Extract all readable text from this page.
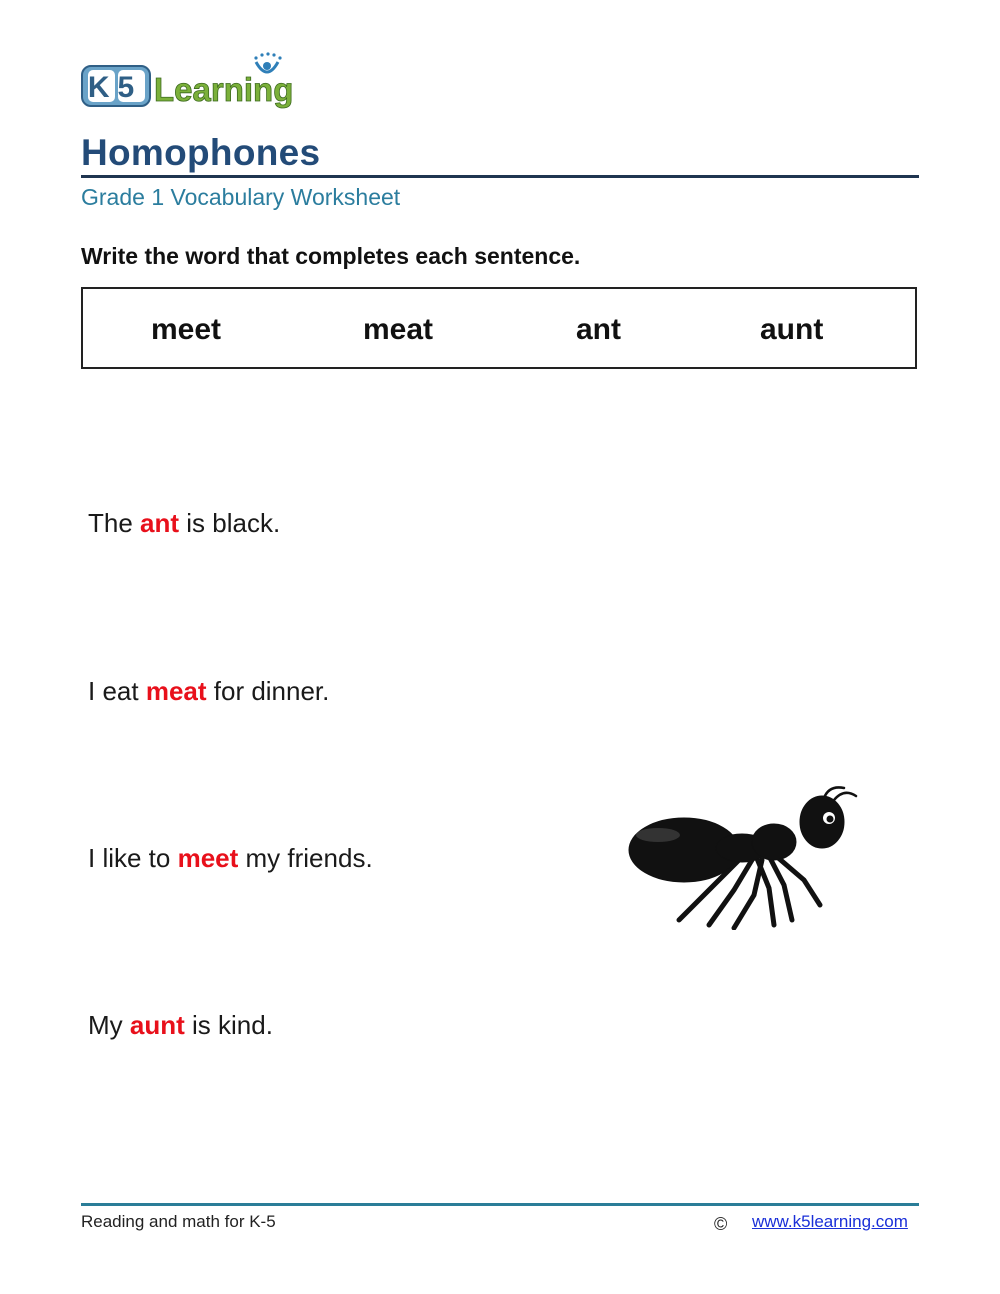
K5 Learning
Homophones
Grade 1 Vocabulary Worksheet
Write the word that completes each sentence.
meet	meat	ant	aunt
The ant is black.
I eat meat for dinner.
I like to meet my friends.
My aunt is kind.
Reading and math for K-5	© www.k5learning.com
